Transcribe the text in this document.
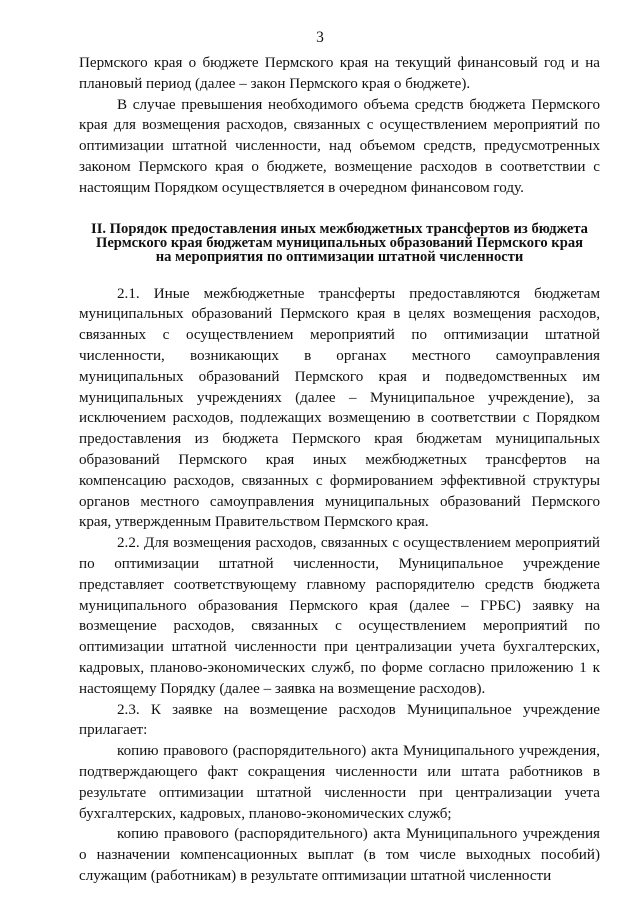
3

Пермского края о бюджете Пермского края на текущий финансовый год и на плановый период (далее – закон Пермского края о бюджете).

В случае превышения необходимого объема средств бюджета Пермского края для возмещения расходов, связанных с осуществлением мероприятий по оптимизации штатной численности, над объемом средств, предусмотренных законом Пермского края о бюджете, возмещение расходов в соответствии с настоящим Порядком осуществляется в очередном финансовом году.

II. Порядок предоставления иных межбюджетных трансфертов из бюджета

Пермского края бюджетам муниципальных образований Пермского края

на мероприятия по оптимизации штатной численности

2.1. Иные межбюджетные трансферты предоставляются бюджетам муниципальных образований Пермского края в целях возмещения расходов, связанных с осуществлением мероприятий по оптимизации штатной численности, возникающих в органах местного самоуправления муниципальных образований Пермского края и подведомственных им муниципальных учреждениях (далее – Муниципальное учреждение), за исключением расходов, подлежащих возмещению в соответствии с Порядком предоставления из бюджета Пермского края бюджетам муниципальных образований Пермского края иных межбюджетных трансфертов на компенсацию расходов, связанных с формированием эффективной структуры органов местного самоуправления муниципальных образований Пермского края, утвержденным Правительством Пермского края.

2.2. Для возмещения расходов, связанных с осуществлением мероприятий по оптимизации штатной численности, Муниципальное учреждение представляет соответствующему главному распорядителю средств бюджета муниципального образования Пермского края (далее – ГРБС) заявку на возмещение расходов, связанных с осуществлением мероприятий по оптимизации штатной численности при централизации учета бухгалтерских, кадровых, планово-экономических служб, по форме согласно приложению 1 к настоящему Порядку (далее – заявка на возмещение расходов).

2.3. К заявке на возмещение расходов Муниципальное учреждение прилагает:

копию правового (распорядительного) акта Муниципального учреждения, подтверждающего факт сокращения численности или штата работников в результате оптимизации штатной численности при централизации учета бухгалтерских, кадровых, планово-экономических служб;

копию правового (распорядительного) акта Муниципального учреждения о назначении компенсационных выплат (в том числе выходных пособий) служащим (работникам) в результате оптимизации штатной численности
